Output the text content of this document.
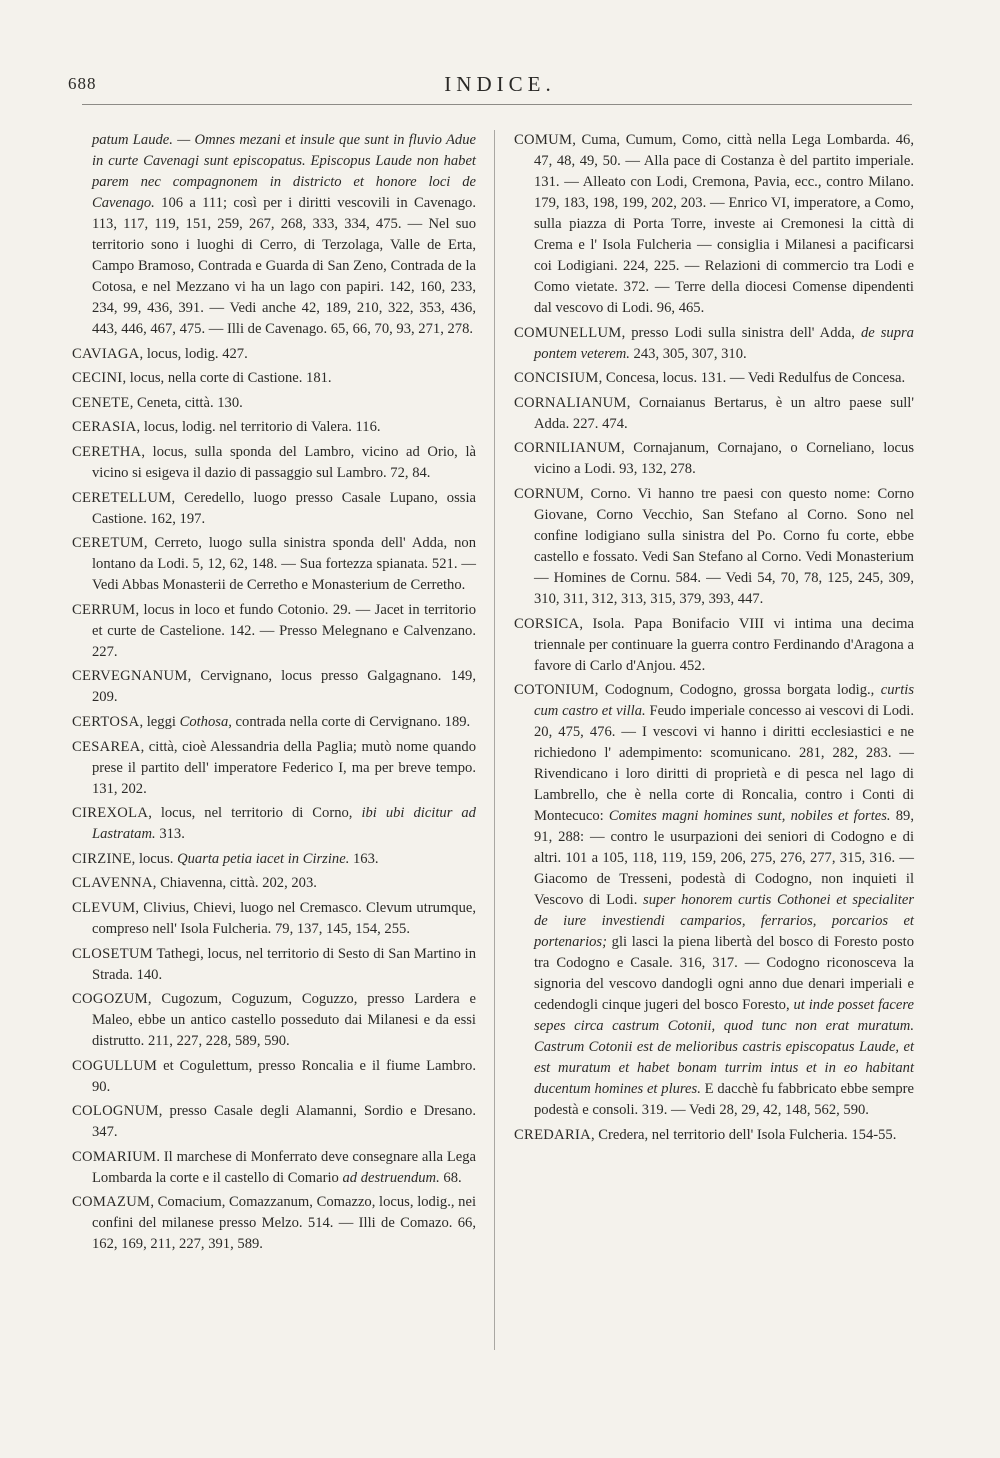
688	INDICE.

patum Laude. — Omnes mezani et insule que sunt in fluvio Adue in curte Cavenagi sunt episcopatus. Episcopus Laude non habet parem nec compagnonem in districto et honore loci de Cavenago. 106 a 111; così per i diritti vescovili in Cavenago. 113, 117, 119, 151, 259, 267, 268, 333, 334, 475. — Nel suo territorio sono i luoghi di Cerro, di Terzolaga, Valle de Erta, Campo Bramoso, Contrada e Guarda di San Zeno, Contrada de la Cotosa, e nel Mezzano vi ha un lago con papiri. 142, 160, 233, 234, 99, 436, 391. — Vedi anche 42, 189, 210, 322, 353, 436, 443, 446, 467, 475. — Illi de Cavenago. 65, 66, 70, 93, 271, 278.

CAVIAGA, locus, lodig. 427.

CECINI, locus, nella corte di Castione. 181.

CENETE, Ceneta, città. 130.

CERASIA, locus, lodig. nel territorio di Valera. 116.

CERETHA, locus, sulla sponda del Lambro, vicino ad Orio, là vicino si esigeva il dazio di passaggio sul Lambro. 72, 84.

CERETELLUM, Ceredello, luogo presso Casale Lupano, ossia Castione. 162, 197.

CERETUM, Cerreto, luogo sulla sinistra sponda dell' Adda, non lontano da Lodi. 5, 12, 62, 148. — Sua fortezza spianata. 521. — Vedi Abbas Monasterii de Cerretho e Monasterium de Cerretho.

CERRUM, locus in loco et fundo Cotonio. 29. — Jacet in territorio et curte de Castelione. 142. — Presso Melegnano e Calvenzano. 227.

CERVEGNANUM, Cervignano, locus presso Galgagnano. 149, 209.

CERTOSA, leggi Cothosa, contrada nella corte di Cervignano. 189.

CESAREA, città, cioè Alessandria della Paglia; mutò nome quando prese il partito dell' imperatore Federico I, ma per breve tempo. 131, 202.

CIREXOLA, locus, nel territorio di Corno, ibi ubi dicitur ad Lastratam. 313.

CIRZINE, locus. Quarta petia iacet in Cirzine. 163.

CLAVENNA, Chiavenna, città. 202, 203.

CLEVUM, Clivius, Chievi, luogo nel Cremasco. Clevum utrumque, compreso nell' Isola Fulcheria. 79, 137, 145, 154, 255.

CLOSETUM Tathegi, locus, nel territorio di Sesto di San Martino in Strada. 140.

COGOZUM, Cugozum, Coguzum, Coguzzo, presso Lardera e Maleo, ebbe un antico castello posseduto dai Milanesi e da essi distrutto. 211, 227, 228, 589, 590.

COGULLUM et Cogulettum, presso Roncalia e il fiume Lambro. 90.

COLOGNUM, presso Casale degli Alamanni, Sordio e Dresano. 347.

COMARIUM. Il marchese di Monferrato deve consegnare alla Lega Lombarda la corte e il castello di Comario ad destruendum. 68.

COMAZUM, Comacium, Comazzanum, Comazzo, locus, lodig., nei confini del milanese presso Melzo. 514. — Illi de Comazo. 66, 162, 169, 211, 227, 391, 589.

COMUM, Cuma, Cumum, Como, città nella Lega Lombarda. 46, 47, 48, 49, 50. — Alla pace di Costanza è del partito imperiale. 131. — Alleato con Lodi, Cremona, Pavia, ecc., contro Milano. 179, 183, 198, 199, 202, 203. — Enrico VI, imperatore, a Como, sulla piazza di Porta Torre, investe ai Cremonesi la città di Crema e l' Isola Fulcheria — consiglia i Milanesi a pacificarsi coi Lodigiani. 224, 225. — Relazioni di commercio tra Lodi e Como vietate. 372. — Terre della diocesi Comense dipendenti dal vescovo di Lodi. 96, 465.

COMUNELLUM, presso Lodi sulla sinistra dell' Adda, de supra pontem veterem. 243, 305, 307, 310.

CONCISIUM, Concesa, locus. 131. — Vedi Redulfus de Concesa.

CORNALIANUM, Cornaianus Bertarus, è un altro paese sull' Adda. 227. 474.

CORNILIANUM, Cornajanum, Cornajano, o Corneliano, locus vicino a Lodi. 93, 132, 278.

CORNUM, Corno. Vi hanno tre paesi con questo nome: Corno Giovane, Corno Vecchio, San Stefano al Corno. Sono nel confine lodigiano sulla sinistra del Po. Corno fu corte, ebbe castello e fossato. Vedi San Stefano al Corno. Vedi Monasterium — Homines de Cornu. 584. — Vedi 54, 70, 78, 125, 245, 309, 310, 311, 312, 313, 315, 379, 393, 447.

CORSICA, Isola. Papa Bonifacio VIII vi intima una decima triennale per continuare la guerra contro Ferdinando d'Aragona a favore di Carlo d'Anjou. 452.

COTONIUM, Codognum, Codogno, grossa borgata lodig., curtis cum castro et villa. Feudo imperiale concesso ai vescovi di Lodi. 20, 475, 476. — I vescovi vi hanno i diritti ecclesiastici e ne richiedono l' adempimento: scomunicano. 281, 282, 283. — Rivendicano i loro diritti di proprietà e di pesca nel lago di Lambrello, che è nella corte di Roncalia, contro i Conti di Montecuco: Comites magni homines sunt, nobiles et fortes. 89, 91, 288: — contro le usurpazioni dei seniori di Codogno e di altri. 101 a 105, 118, 119, 159, 206, 275, 276, 277, 315, 316. — Giacomo de Tresseni, podestà di Codogno, non inquieti il Vescovo di Lodi. super honorem curtis Cothonei et specialiter de iure investiendi camparios, ferrarios, porcarios et portenarios; gli lasci la piena libertà del bosco di Foresto posto tra Codogno e Casale. 316, 317. — Codogno riconosceva la signoria del vescovo dandogli ogni anno due denari imperiali e cedendogli cinque jugeri del bosco Foresto, ut inde posset facere sepes circa castrum Cotonii, quod tunc non erat muratum. Castrum Cotonii est de melioribus castris episcopatus Laude, et est muratum et habet bonam turrim intus et in eo habitant ducentum homines et plures. E dacchè fu fabbricato ebbe sempre podestà e consoli. 319. — Vedi 28, 29, 42, 148, 562, 590.

CREDARIA, Credera, nel territorio dell' Isola Fulcheria. 154-55.
